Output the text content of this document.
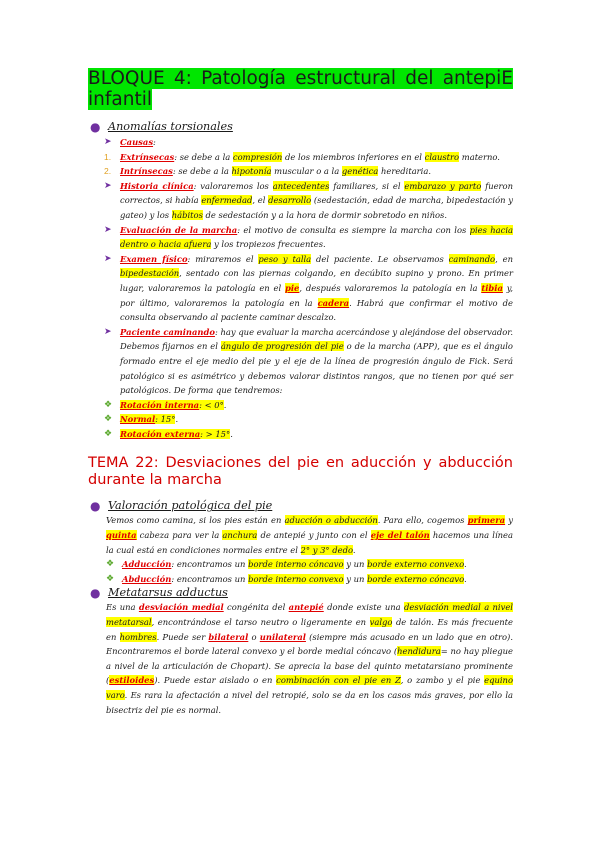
BLOQUE 4: Patología estructural del antepiE infantil
● Anomalías torsionales
➤	Causas:
1.	Extrínsecas: se debe a la compresión de los miembros inferiores en el claustro materno.
2.	Intrínsecas: se debe a la hipotonía muscular o a la genética hereditaria.
➤	Historia clínica: valoraremos los antecedentes familiares, si el embarazo y parto fueron correctos, si había enfermedad, el desarrollo (sedestación, edad de marcha, bipedestación y gateo) y los hábitos de sedestación y a la hora de dormir sobretodo en niños.
➤	Evaluación de la marcha: el motivo de consulta es siempre la marcha con los pies hacia dentro o hacia afuera y los tropiezos frecuentes.
➤	Examen físico: miraremos el peso y talla del paciente. Le observamos caminando, en bipedestación, sentado con las piernas colgando, en decúbito supino y prono. En primer lugar, valoraremos la patología en el pie, después valoraremos la patología en la tibia y, por último, valoraremos la patología en la cadera. Habrá que confirmar el motivo de consulta observando al paciente caminar descalzo.
➤	Paciente caminando: hay que evaluar la marcha acercándose y alejándose del observador. Debemos fijarnos en el ángulo de progresión del pie o de la marcha (APP), que es el ángulo formado entre el eje medio del pie y el eje de la línea de progresión ángulo de Fick. Será patológico si es asimétrico y debemos valorar distintos rangos, que no tienen por qué ser patológicos. De forma que tendremos:
❖ Rotación interna: < 0°.
❖ Normal: 15°.
❖ Rotación externa: > 15°.
TEMA 22: Desviaciones del pie en aducción y abducción durante la marcha
● Valoración patológica del pie
Vemos como camina, si los pies están en aducción o abducción. Para ello, cogemos primera y quinta cabeza para ver la anchura de antepié y junto con el eje del talón hacemos una línea la cual está en condiciones normales entre el 2° y 3° dedo.
❖ Adducción: encontramos un borde interno cóncavo y un borde externo convexo.
❖ Abducción: encontramos un borde interno convexo y un borde externo cóncavo.
● Metatarsus adductus
Es una desviación medial congénita del antepié donde existe una desviación medial a nivel metatarsal, encontrándose el tarso neutro o ligeramente en valgo de talón. Es más frecuente en hombres. Puede ser bilateral o unilateral (siempre más acusado en un lado que en otro). Encontraremos el borde lateral convexo y el borde medial cóncavo (hendidura= no hay pliegue a nivel de la articulación de Chopart). Se aprecia la base del quinto metatarsiano prominente (estiloides). Puede estar aislado o en combinación con el pie en Z, o zambo y el pie equino varo. Es rara la afectación a nivel del retropié, solo se da en los casos más graves, por ello la bisectriz del pie es normal.
